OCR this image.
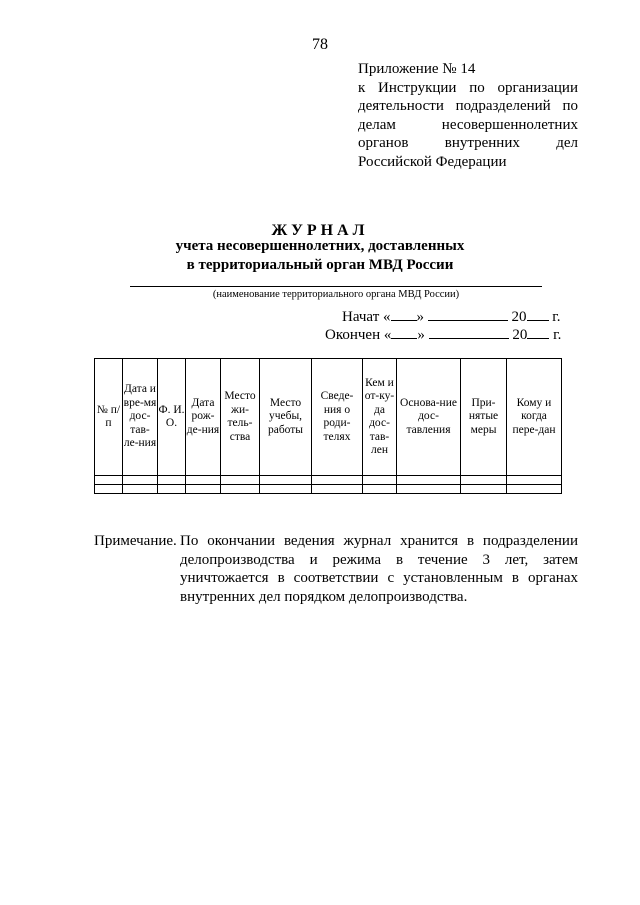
78
Приложение № 14
к Инструкции по организации
деятельности подразделений по
делам несовершеннолетних
органов внутренних дел
Российской Федерации
ЖУРНАЛ
учета несовершеннолетних, доставленных
в территориальный орган МВД России
(наименование территориального органа МВД России)
Начат « »	20 г.
Окончен « »	20 г.
№ п/п	Дата и вре-мя дос-тав-ле-ния	Ф. И. О.	Дата рож-де-ния	Место жи-тель-ства	Место учебы, работы	Сведе-ния о роди-телях	Кем и от-ку-да дос-тав-лен	Основа-ние дос-тавления	При-нятые меры	Кому и когда пере-дан

Примечание. По окончании ведения журнал хранится в подразделении делопроизводства и режима в течение 3 лет, затем уничтожается в соответствии с установленным в органах внутренних дел порядком делопроизводства.
